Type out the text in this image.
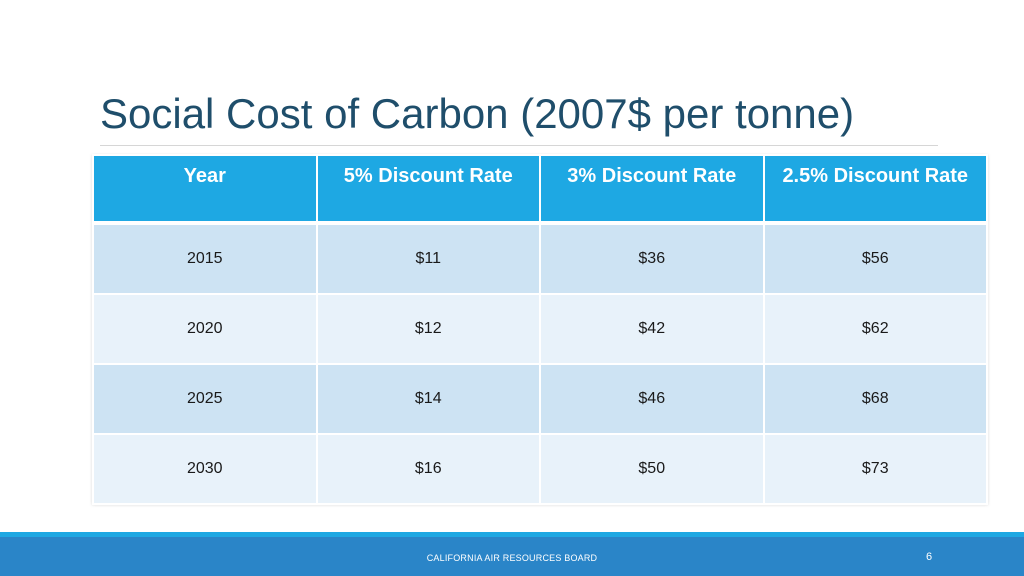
Social Cost of Carbon (2007$ per tonne)
Year	5% Discount Rate	3% Discount Rate	2.5% Discount Rate
2015	$11	$36	$56
2020	$12	$42	$62
2025	$14	$46	$68
2030	$16	$50	$73
CALIFORNIA AIR RESOURCES BOARD	6
